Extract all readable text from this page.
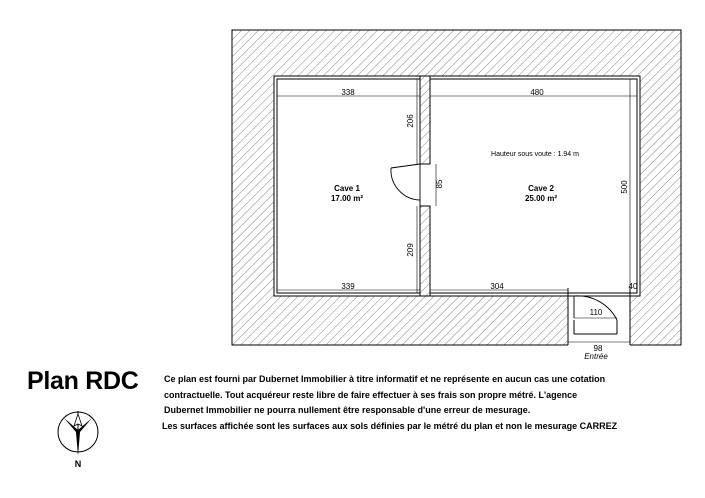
338	480
339	304	40
110
98
206
209
85	500
Cave 1
17.00 m²
Cave 2
25.00 m²
Hauteur sous voute : 1.94 m
Entrée
Plan RDC	Ce plan est fourni par Dubernet Immobilier à titre informatif et ne représente en aucun cas une cotation
contractuelle. Tout acquéreur reste libre de faire effectuer à ses frais son propre métré. L'agence
Dubernet Immobilier ne pourra nullement être responsable d'une erreur de mesurage.
Les surfaces affichée sont les surfaces aux sols définies par le métré du plan et non le mesurage CARREZ
N
